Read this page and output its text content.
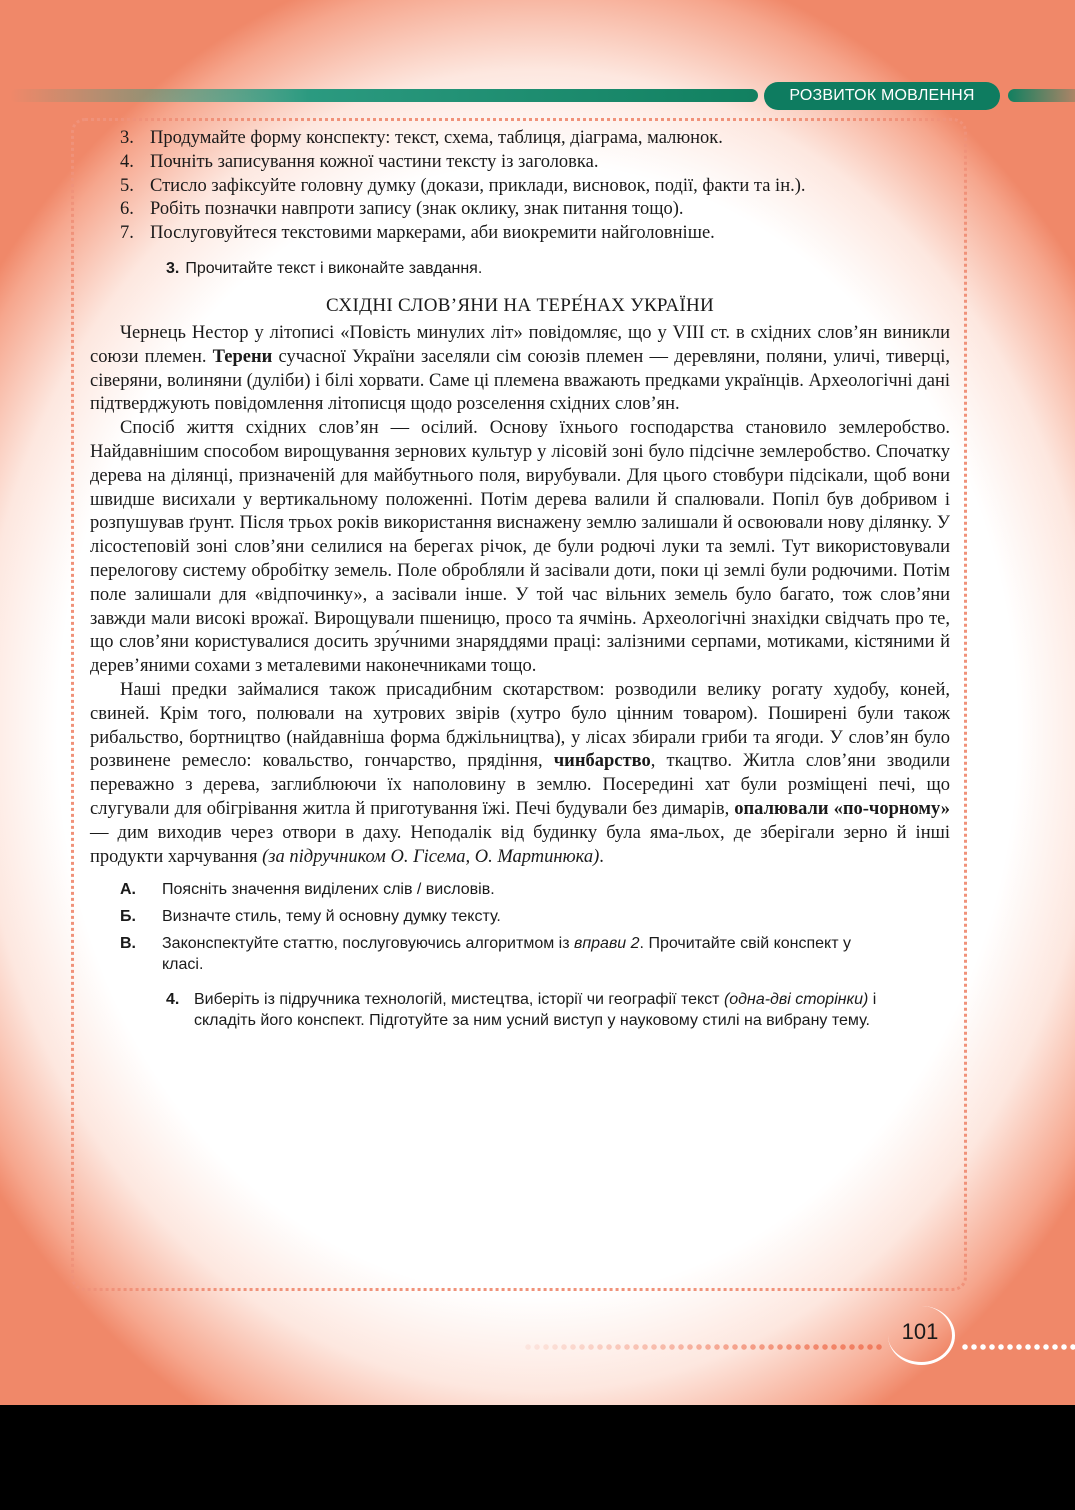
РОЗВИТОК МОВЛЕННЯ
3. Продумайте форму конспекту: текст, схема, таблиця, діаграма, малюнок.
4. Почніть записування кожної частини тексту із заголовка.
5. Стисло зафіксуйте головну думку (докази, приклади, висновок, події, факти та ін.).
6. Робіть позначки навпроти запису (знак оклику, знак питання тощо).
7. Послуговуйтеся текстовими маркерами, аби виокремити найголовніше.
3. Прочитайте текст і виконайте завдання.
СХІДНІ СЛОВ’ЯНИ НА ТЕРЕ́НАХ УКРАЇНИ

Чернець Нестор у літописі «Повість минулих літ» повідомляє, що у VIII ст. в східних слов’ян виникли союзи племен. Терени сучасної України заселяли сім союзів племен — деревляни, поляни, уличі, тиверці, сіверяни, волиняни (дуліби) і білі хорвати. Саме ці племена вважають предками українців. Археологічні дані підтверджують повідомлення літописця щодо розселення східних слов’ян.

Спосіб життя східних слов’ян — осілий. Основу їхнього господарства становило землеробство. Найдавнішим способом вирощування зернових культур у лісовій зоні було підсічне землеробство. Спочатку дерева на ділянці, призначеній для майбутнього поля, вирубували. Для цього стовбури підсікали, щоб вони швидше висихали у вертикальному положенні. Потім дерева валили й спалювали. Попіл був добривом і розпушував ґрунт. Після трьох років використання виснажену землю залишали й освоювали нову ділянку. У лісостеповій зоні слов’яни селилися на берегах річок, де були родючі луки та землі. Тут використовували перелогову систему обробітку земель. Поле обробляли й засівали доти, поки ці землі були родючими. Потім поле залишали для «відпочинку», а засівали інше. У той час вільних земель було багато, тож слов’яни завжди мали високі врожаї. Вирощували пшеницю, просо та ячмінь. Археологічні знахідки свідчать про те, що слов’яни користувалися досить зру́чними знаряддями праці: залізними серпами, мотиками, кістяними й дерев’яними сохами з металевими наконечниками тощо.

Наші предки займалися також присадибним скотарством: розводили велику рогату худобу, коней, свиней. Крім того, полювали на хутрових звірів (хутро було цінним товаром). Поширені були також рибальство, бортництво (найдавніша форма бджільництва), у лісах збирали гриби та ягоди. У слов’ян було розвинене ремесло: ковальство, гончарство, прядіння, чинбарство, ткацтво. Житла слов’яни зводили переважно з дерева, заглиблюючи їх наполовину в землю. Посередині хат були розміщені печі, що слугували для обігрівання житла й приготування їжі. Печі будували без димарів, опалювали «по-чорному» — дим виходив через отвори в даху. Неподалік від будинку була яма-льох, де зберігали зерно й інші продукти харчування (за підручником О. Гісема, О. Мартинюка).

А.	Поясніть значення виділених слів / висловів.
Б.	Визначте стиль, тему й основну думку тексту.
В.	Законспектуйте статтю, послуговуючись алгоритмом із вправи 2. Прочитайте свій конспект у класі.
4. Виберіть із підручника технологій, мистецтва, історії чи географії текст (одна-дві сторінки) і складіть його конспект. Підготуйте за ним усний виступ у науковому стилі на вибрану тему.
101
